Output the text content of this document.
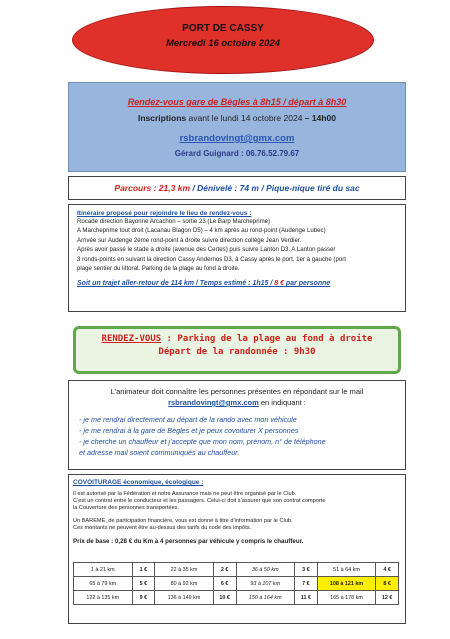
PORT DE CASSY
Mercredi 16 octobre 2024
Rendez-vous gare de Bègles à 8h15 / départ à 8h30
Inscriptions avant le lundi 14 octobre 2024 – 14h00
rsbrandovingt@gmx.com
Gérard Guignard : 06.76.52.79.67
Parcours : 21,3 km / Dénivelé : 74 m / Pique-nique tiré du sac
Itinéraire proposé pour rejoindre le lieu de rendez-vous :
Rocade direction Bayonne Arcachon – sortie 23 (Le Barp Marcheprime)
A Marcheprime tout droit (Lacanau Blagon D5) – 4 km après au rond-point (Audenge Lubec)
Arrivée sur Audenge 2ème rond-point à droite suivre direction collège Jean Verdier.
Après avoir passé le stade à droite (avenue des Certes) puis suivre Lanton D3. A Lanton passer
3 ronds-points en suivant la direction Cassy Andernos D3, à Cassy après le port, 1er à gauche (port
plage sentier du littoral. Parking de la plage au fond à droite.
Soit un trajet aller-retour de 114 km / Temps estimé : 1h15 / 8 € par personne
RENDEZ-VOUS : Parking de la plage au fond à droite
Départ de la randonnée : 9h30
L’animateur doit connaître les personnes présentes en répondant sur le mail
rsbrandovingt@gmx.com en indiquant :
- je me rendrai directement au départ de la rando avec mon véhicule
- je me rendrai à la gare de Bègles et je peux covoiturer X personnes
- je cherche un chauffeur et j’accepte que mon nom, prénom, n° de téléphone
et adresse mail soient communiqués au chauffeur.
COVOITURAGE économique, écologique :
Il est autorisé par la Fédération et notre Assurance mais ne peut être organisé par le Club.
C’est un contrat entre le conducteur et les passagers. Celui-ci doit s’assurer que son contrat comporte
la Couverture des personnes transportées.
Un BAREME, de participation financière, vous est donné à titre d’information par le Club.
Ces montants ne peuvent être au-dessus des tarifs du code des impôts.
Prix de base : 0,28 € du Km à 4 personnes par véhicule y compris le chauffeur.
1 à 21 km	1 €	22 à 35 km	2 €	36 à 50 km	3 €	51 à 64 km	4 €
65 à 79 km	5 €	80 à 92 km	6 €	93 à 107 km	7 €	108 à 121 km	8 €
122 à 135 km	9 €	136 à 149 km	10 €	150 à 164 km	11 €	165 à 178 km	12 €
